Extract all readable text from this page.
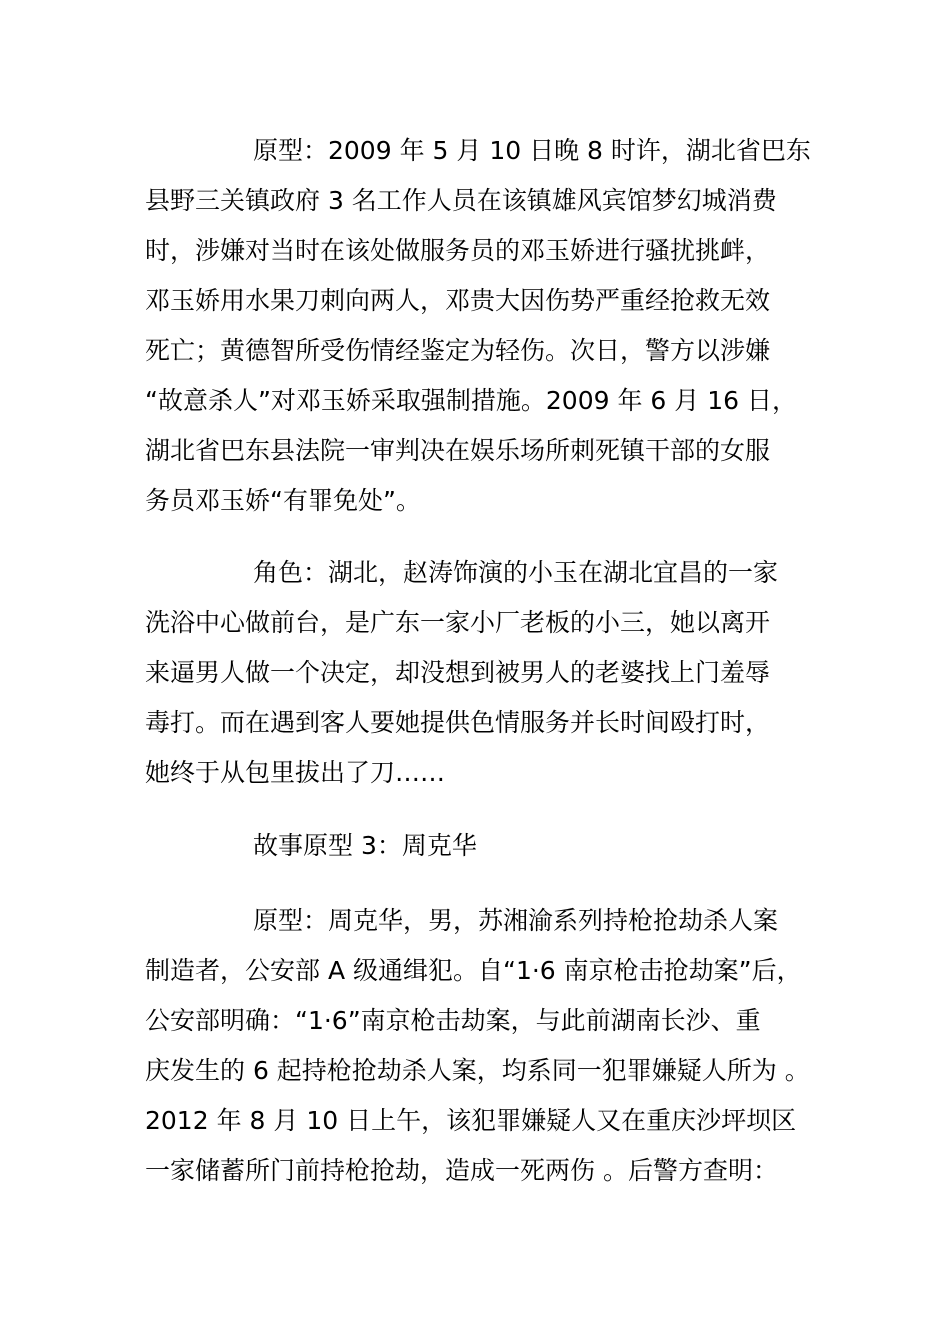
原型：2009 年 5 月 10 日晚 8 时许，湖北省巴东
县野三关镇政府 3 名工作人员在该镇雄风宾馆梦幻城消费
时，涉嫌对当时在该处做服务员的邓玉娇进行骚扰挑衅，
邓玉娇用水果刀刺向两人，邓贵大因伤势严重经抢救无效
死亡；黄德智所受伤情经鉴定为轻伤。次日，警方以涉嫌
“故意杀人”对邓玉娇采取强制措施。2009 年 6 月 16 日，
湖北省巴东县法院一审判决在娱乐场所刺死镇干部的女服
务员邓玉娇“有罪免处”。
角色：湖北，赵涛饰演的小玉在湖北宜昌的一家
洗浴中心做前台，是广东一家小厂老板的小三，她以离开
来逼男人做一个决定，却没想到被男人的老婆找上门羞辱
毒打。而在遇到客人要她提供色情服务并长时间殴打时，
她终于从包里拔出了刀……
故事原型 3：周克华
原型：周克华，男，苏湘渝系列持枪抢劫杀人案
制造者，公安部 A 级通缉犯。自“1·6 南京枪击抢劫案”后，
公安部明确：“1·6”南京枪击劫案，与此前湖南长沙、重
庆发生的 6 起持枪抢劫杀人案，均系同一犯罪嫌疑人所为 。
2012 年 8 月 10 日上午，该犯罪嫌疑人又在重庆沙坪坝区
一家储蓄所门前持枪抢劫，造成一死两伤 。后警方查明：
